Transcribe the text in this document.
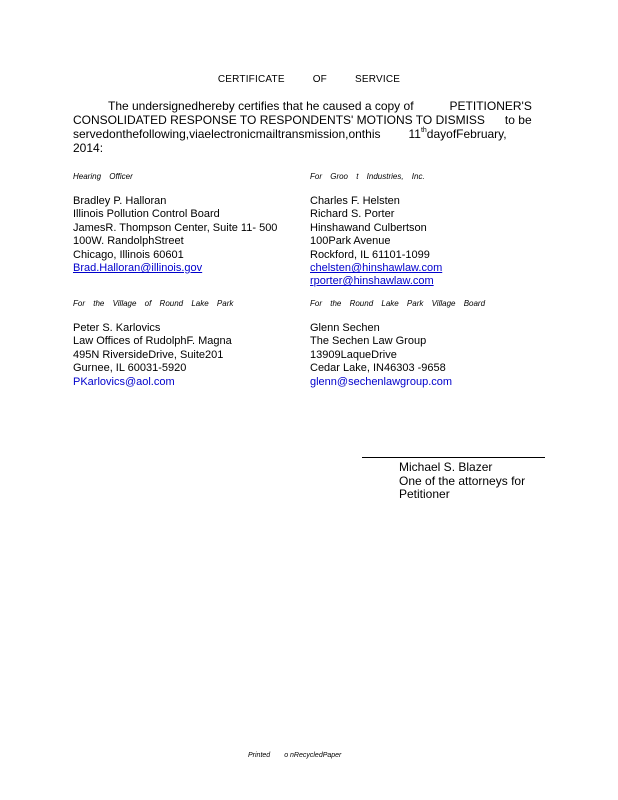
CERTIFICATE	OF	SERVICE
The undersignedhereby certifies that he caused a copy of	PETITIONER'S
CONSOLIDATED RESPONSE TO RESPONDENTS' MOTIONS TO DISMISS to be
servedonthefollowing,viaelectronicmailtransmission,onthis 11thdayofFebruary,
2014:
Hearing Officer
Bradley P. Halloran
Illinois Pollution Control Board
JamesR. Thompson Center, Suite 11- 500
100W. RandolphStreet
Chicago, Illinois 60601
Brad.Halloran@illinois.gov
For Groo t Industries, Inc.
Charles F. Helsten
Richard S. Porter
Hinshawand Culbertson
100Park Avenue
Rockford, IL 61101-1099
chelsten@hinshawlaw.com
rporter@hinshawlaw.com
For the Village of Round Lake Park
Peter S. Karlovics
Law Offices of RudolphF. Magna
495N RiversideDrive, Suite201
Gurnee, IL 60031-5920
PKarlovics@aol.com
For the Round Lake Park Village Board
Glenn Sechen
The Sechen Law Group
13909LaqueDrive
Cedar Lake, IN46303 -9658
glenn@sechenlawgroup.com
Michael S. Blazer
One of the attorneys for
Petitioner
Printed o nRecycledPaper
